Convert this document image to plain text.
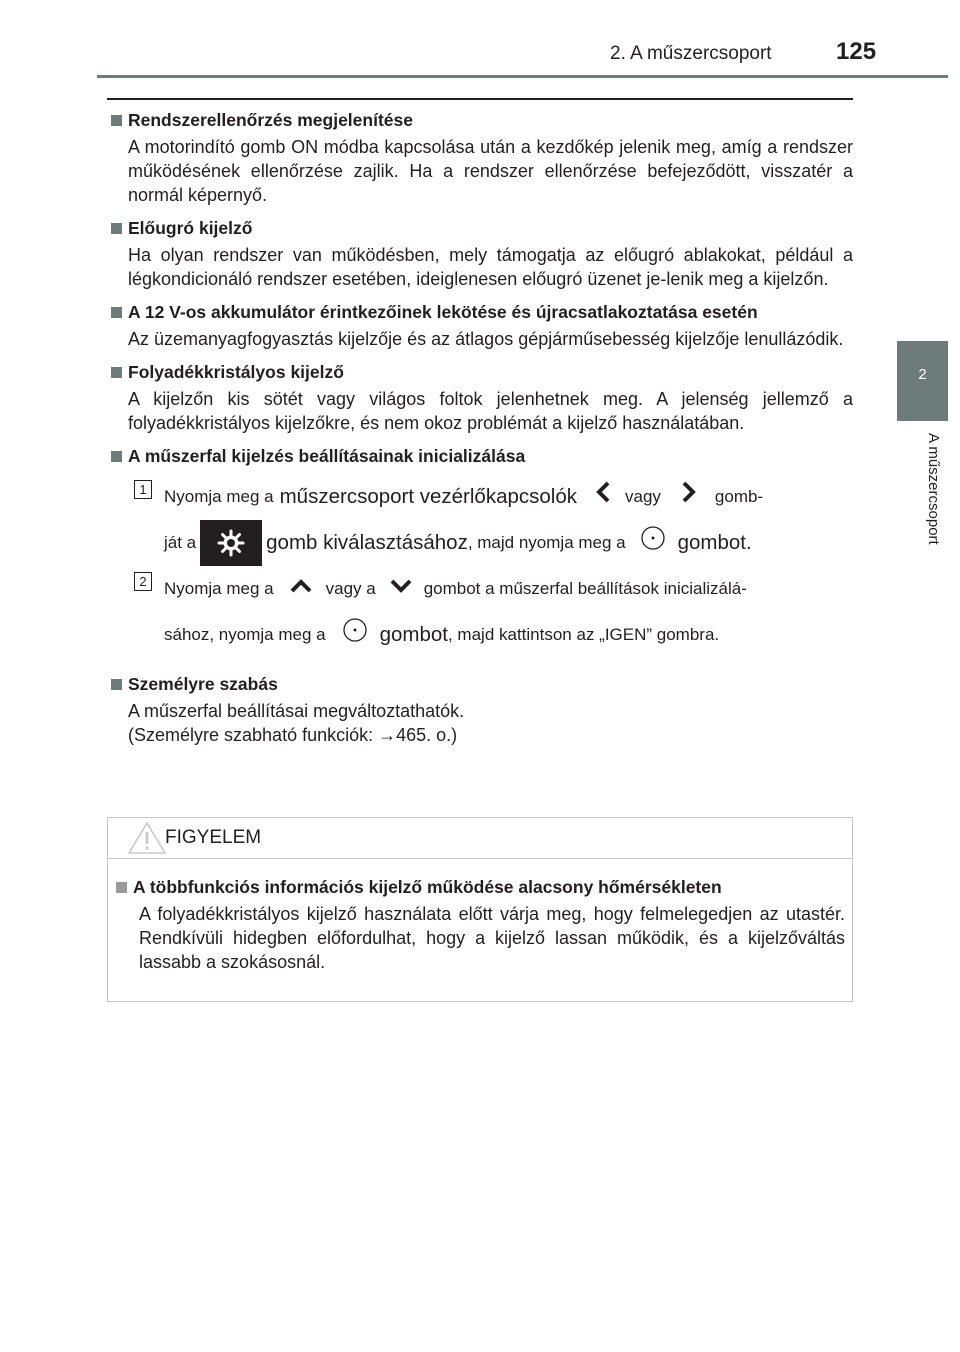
2. A műszercsoport	125
2
A műszercsoport
Rendszerellenőrzés megjelenítése
A motorindító gomb ON módba kapcsolása után a kezdőkép jelenik meg, amíg a rendszer működésének ellenőrzése zajlik. Ha a rendszer ellenőrzése befejeződött, visszatér a normál képernyő.
Előugró kijelző
Ha olyan rendszer van működésben, mely támogatja az előugró ablakokat, például a légkondicionáló rendszer esetében, ideiglenesen előugró üzenet je-lenik meg a kijelzőn.
A 12 V-os akkumulátor érintkezőinek lekötése és újracsatlakoztatása esetén
Az üzemanyagfogyasztás kijelzője és az átlagos gépjárműsebesség kijelzője lenullázódik.
Folyadékkristályos kijelző
A kijelzőn kis sötét vagy világos foltok jelenhetnek meg. A jelenség jellemző a folyadékkristályos kijelzőkre, és nem okoz problémát a kijelző használatában.
A műszerfal kijelzés beállításainak inicializálása
1	Nyomja meg a műszercsoport vezérlőkapcsolók	vagy	gomb-
ját a	gomb kiválasztásához , majd nyomja meg a	gombot.
2	Nyomja meg a	vagy a	gombot a műszerfal beállítások inicializálá-
sához, nyomja meg a	gombot , majd kattintson az „IGEN” gombra.
Személyre szabás
A műszerfal beállításai megváltoztathatók.
(Személyre szabható funkciók: →465. o.)
FIGYELEM
A többfunkciós információs kijelző működése alacsony hőmérsékleten
A folyadékkristályos kijelző használata előtt várja meg, hogy felmelegedjen az utastér. Rendkívüli hidegben előfordulhat, hogy a kijelző lassan működik, és a kijelzőváltás lassabb a szokásosnál.
